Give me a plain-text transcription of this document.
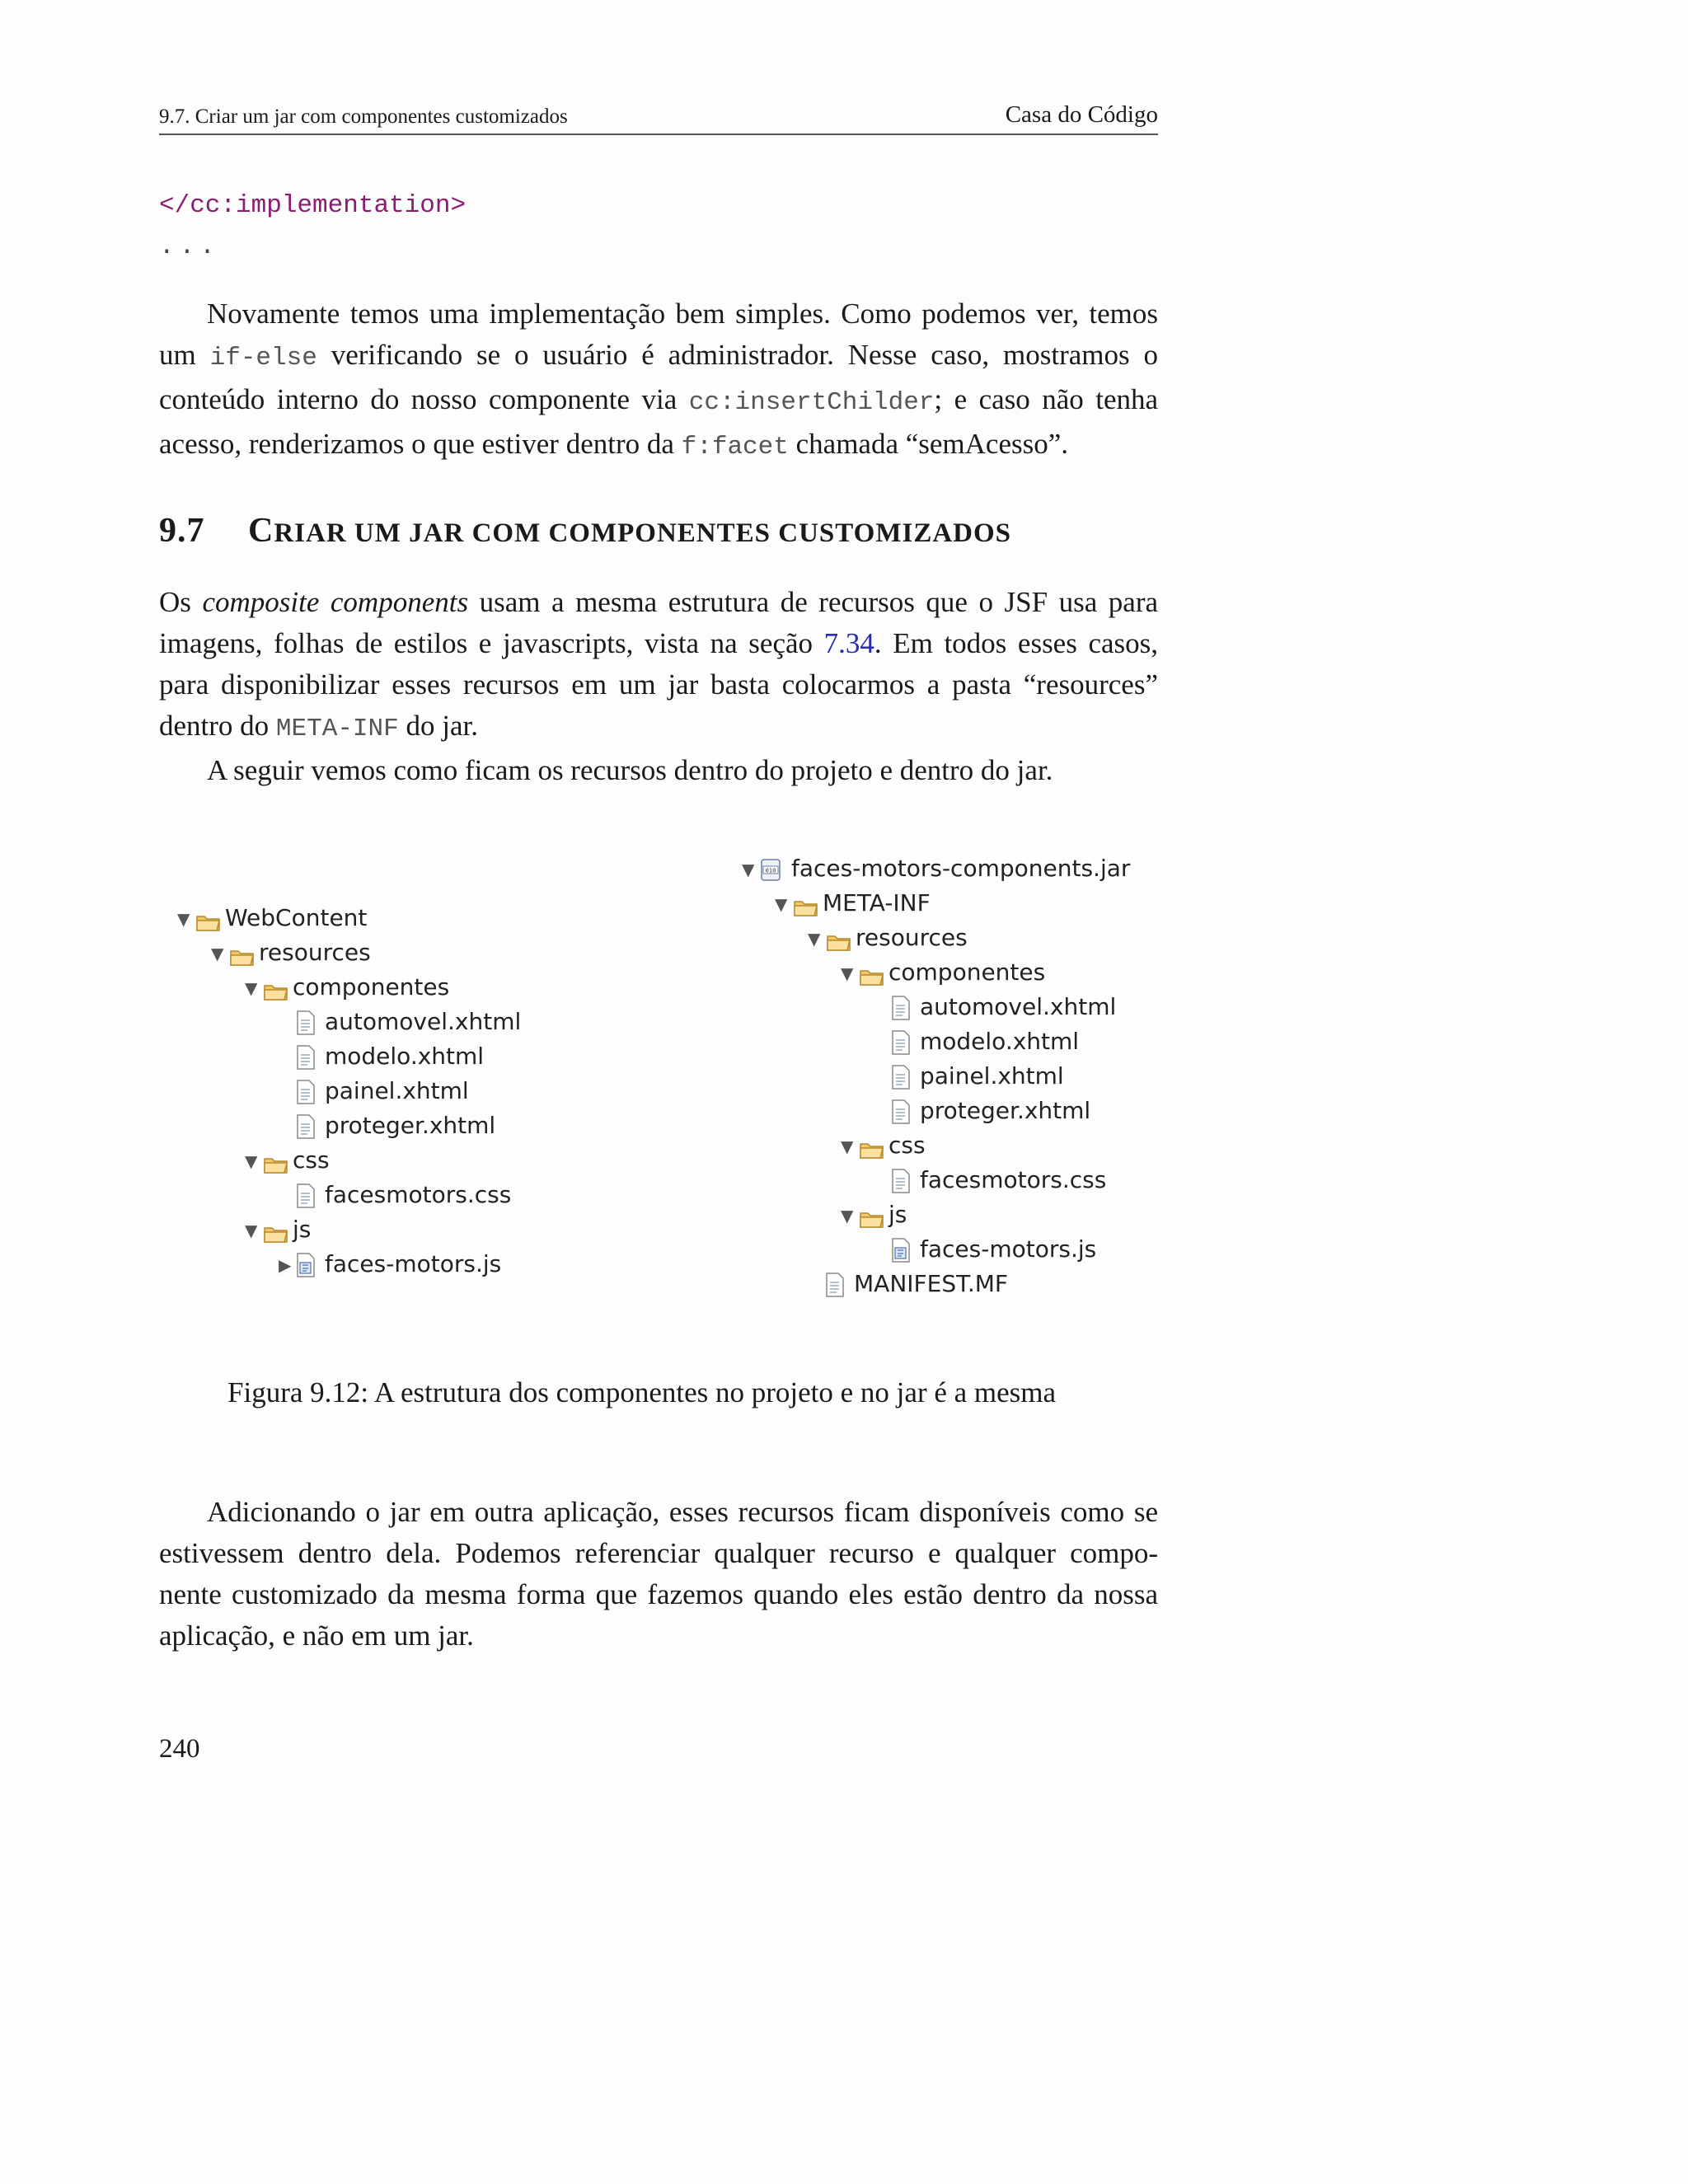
9.7. Criar um jar com componentes customizados	Casa do Código
</cc:implementation>
...
Novamente temos uma implementação bem simples. Como podemos ver, temos
um if-else verificando se o usuário é administrador. Nesse caso, mostramos o
conteúdo interno do nosso componente via cc:insertChilder; e caso não tenha
acesso, renderizamos o que estiver dentro da f:facet chamada “semAcesso”.
9.7 CRIAR UM JAR COM COMPONENTES CUSTOMIZADOS
Os composite components usam a mesma estrutura de recursos que o JSF usa para
imagens, folhas de estilos e javascripts, vista na seção 7.34. Em todos esses casos,
para disponibilizar esses recursos em um jar basta colocarmos a pasta “resources”
dentro do META-INF do jar.
A seguir vemos como ficam os recursos dentro do projeto e dentro do jar.
▼ WebContent
▼ resources
▼ componentes
automovel.xhtml
modelo.xhtml
painel.xhtml
proteger.xhtml
▼ css
facesmotors.css
▼ js
▶ faces-motors.js
▼ 010 faces-motors-components.jar
▼ META-INF
▼ resources
▼ componentes
automovel.xhtml
modelo.xhtml
painel.xhtml
proteger.xhtml
▼ css
facesmotors.css
▼ js
faces-motors.js
MANIFEST.MF
Figura 9.12: A estrutura dos componentes no projeto e no jar é a mesma
Adicionando o jar em outra aplicação, esses recursos ficam disponíveis como se
estivessem dentro dela. Podemos referenciar qualquer recurso e qualquer compo-
nente customizado da mesma forma que fazemos quando eles estão dentro da nossa
aplicação, e não em um jar.
240
